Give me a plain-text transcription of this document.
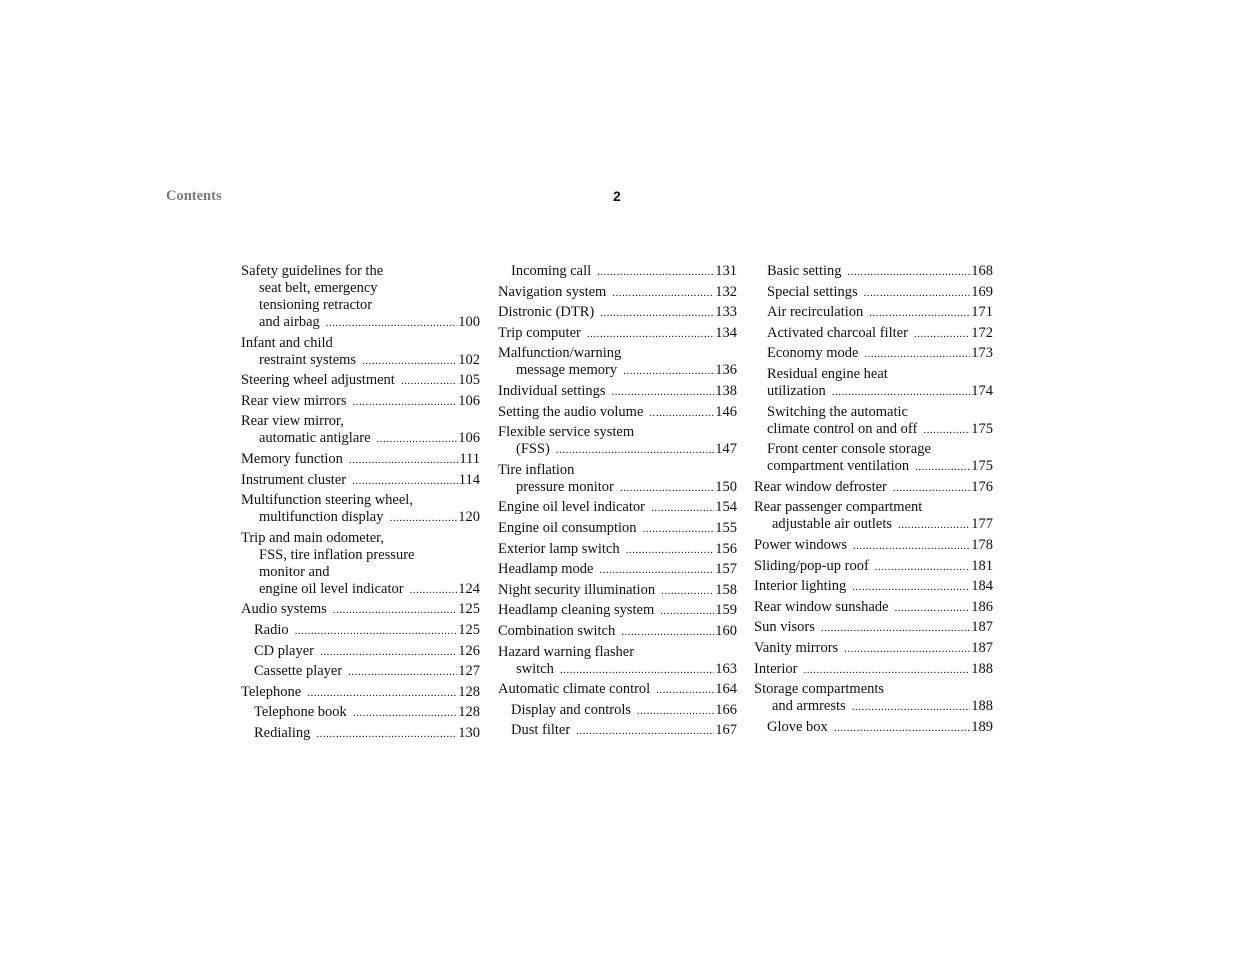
Contents	2
Safety guidelines for the
seat belt, emergency
tensioning retractor
and airbag .....	100
Infant and child
restraint systems .....	102
Steering wheel adjustment .....	105
Rear view mirrors .....	106
Rear view mirror,
automatic antiglare .....	106
Memory function .....	111
Instrument cluster .....	114
Multifunction steering wheel,
multifunction display .....	120
Trip and main odometer,
FSS, tire inflation pressure
monitor and
engine oil level indicator .....	124
Audio systems .....	125
Radio .....	125
CD player .....	126
Cassette player .....	127
Telephone .....	128
Telephone book .....	128
Redialing .....	130
Incoming call .....	131
Navigation system .....	132
Distronic (DTR) .....	133
Trip computer .....	134
Malfunction/warning
message memory .....	136
Individual settings .....	138
Setting the audio volume .....	146
Flexible service system
(FSS) .....	147
Tire inflation
pressure monitor .....	150
Engine oil level indicator .....	154
Engine oil consumption .....	155
Exterior lamp switch .....	156
Headlamp mode .....	157
Night security illumination .....	158
Headlamp cleaning system .....	159
Combination switch .....	160
Hazard warning flasher
switch .....	163
Automatic climate control .....	164
Display and controls .....	166
Dust filter .....	167
Basic setting .....	168
Special settings .....	169
Air recirculation .....	171
Activated charcoal filter .....	172
Economy mode .....	173
Residual engine heat
utilization .....	174
Switching the automatic
climate control on and off .....	175
Front center console storage
compartment ventilation .....	175
Rear window defroster .....	176
Rear passenger compartment
adjustable air outlets .....	177
Power windows .....	178
Sliding/pop-up roof .....	181
Interior lighting .....	184
Rear window sunshade .....	186
Sun visors .....	187
Vanity mirrors .....	187
Interior .....	188
Storage compartments
and armrests .....	188
Glove box .....	189
